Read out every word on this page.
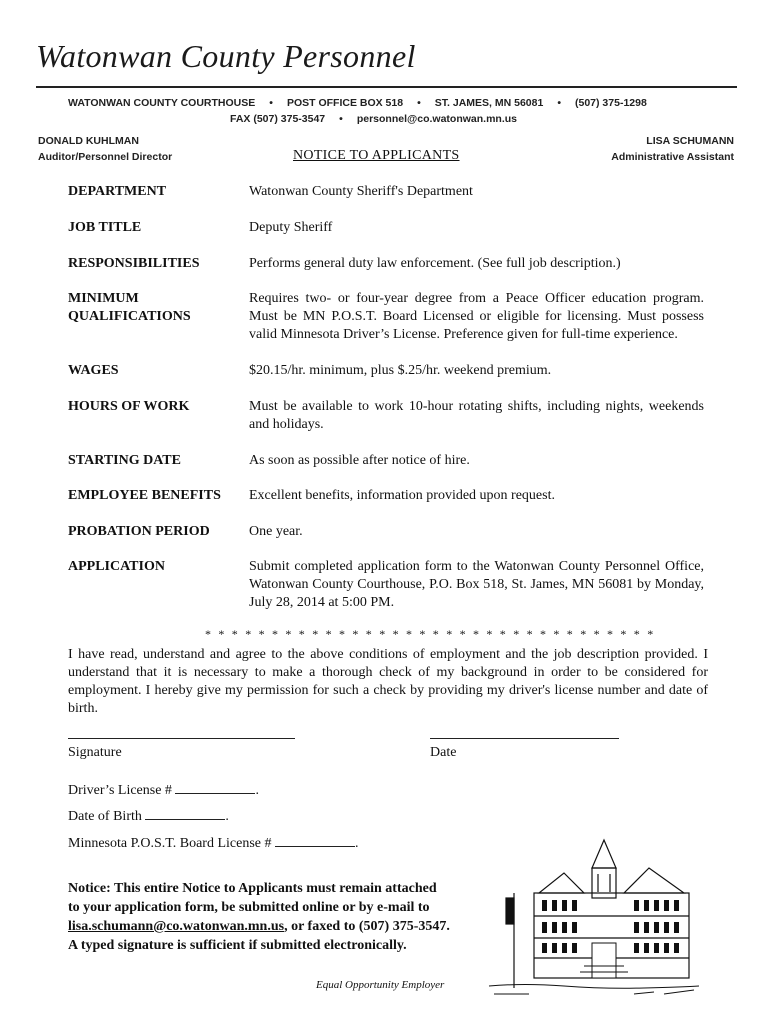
Watonwan County Personnel
WATONWAN COUNTY COURTHOUSE • POST OFFICE BOX 518 • ST. JAMES, MN 56081 • (507) 375-1298
FAX (507) 375-3547 • personnel@co.watonwan.mn.us
DONALD KUHLMAN
Auditor/Personnel Director
LISA SCHUMANN
Administrative Assistant
NOTICE TO APPLICANTS
DEPARTMENT	Watonwan County Sheriff's Department
JOB TITLE	Deputy Sheriff
RESPONSIBILITIES	Performs general duty law enforcement. (See full job description.)
MINIMUM QUALIFICATIONS
Requires two- or four-year degree from a Peace Officer education program. Must be MN P.O.S.T. Board Licensed or eligible for licensing. Must possess valid Minnesota Driver’s License. Preference given for full-time experience.
WAGES	$20.15/hr. minimum, plus $.25/hr. weekend premium.
HOURS OF WORK	Must be available to work 10-hour rotating shifts, including nights, weekends and holidays.
STARTING DATE	As soon as possible after notice of hire.
EMPLOYEE BENEFITS	Excellent benefits, information provided upon request.
PROBATION PERIOD	One year.
APPLICATION	Submit completed application form to the Watonwan County Personnel Office, Watonwan County Courthouse, P.O. Box 518, St. James, MN 56081 by Monday, July 28, 2014 at 5:00 PM.
* * * * * * * * * * * * * * * * * * * * * * * * * * * * * * * * * *
I have read, understand and agree to the above conditions of employment and the job description provided. I understand that it is necessary to make a thorough check of my background in order to be considered for employment. I hereby give my permission for such a check by providing my driver's license number and date of birth.
Signature	Date
Driver’s License #	.
Date of Birth	.
Minnesota P.O.S.T. Board License #	.
Notice: This entire Notice to Applicants must remain attached
to your application form, be submitted online or by e-mail to
lisa.schumann@co.watonwan.mn.us, or faxed to (507) 375-3547.
A typed signature is sufficient if submitted electronically.
Equal Opportunity Employer
